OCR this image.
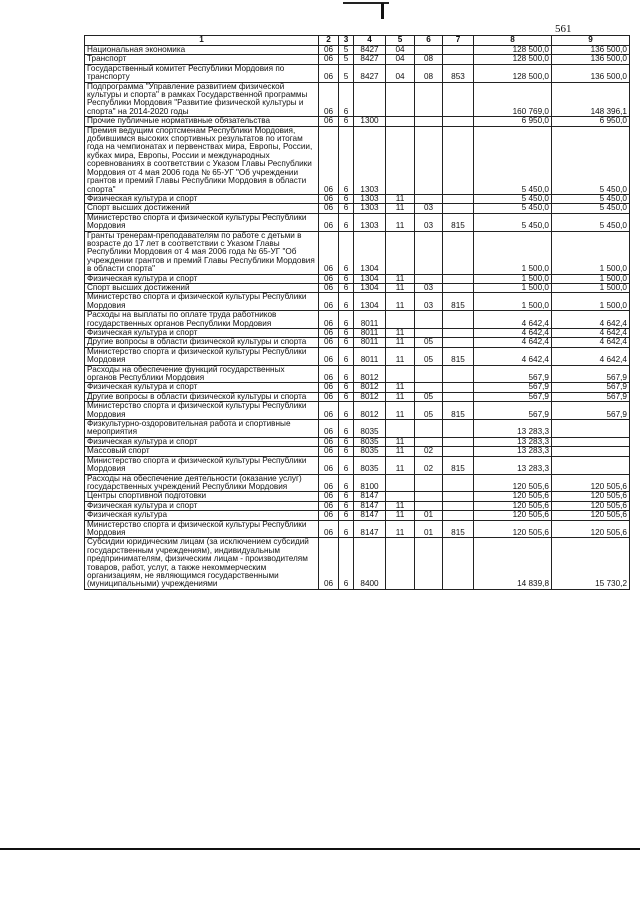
561
1	2	3	4	5	6	7	8	9
Национальная экономика	06	5	8427	04			128 500,0	136 500,0
Транспорт	06	5	8427	04	08		128 500,0	136 500,0
Государственный комитет Республики Мордовия по транспорту	06	5	8427	04	08	853	128 500,0	136 500,0
Подпрограмма "Управление развитием физической культуры и спорта" в рамках Государственной программы Республики Мордовия "Развитие физической культуры и спорта" на 2014-2020 годы	06	6					160 769,0	148 396,1
Прочие публичные нормативные обязательства	06	6	1300				6 950,0	6 950,0
Премия ведущим спортсменам Республики Мордовия, добившимся высоких спортивных результатов по итогам года на чемпионатах и первенствах мира, Европы, России, кубках мира, Европы, России и международных соревнованиях в соответствии с Указом Главы Республики Мордовия от 4 мая 2006 года № 65-УГ "Об учреждении грантов и премий Главы Республики Мордовия в области спорта"	06	6	1303				5 450,0	5 450,0
Физическая культура и спорт	06	6	1303	11			5 450,0	5 450,0
Спорт высших достижений	06	6	1303	11	03		5 450,0	5 450,0
Министерство спорта и физической культуры Республики Мордовия	06	6	1303	11	03	815	5 450,0	5 450,0
Гранты тренерам-преподавателям по работе с детьми в возрасте до 17 лет в соответствии с Указом Главы Республики Мордовия от 4 мая 2006 года № 65-УГ "Об учреждении грантов и премий Главы Республики Мордовия в области спорта"	06	6	1304				1 500,0	1 500,0
Физическая культура и спорт	06	6	1304	11			1 500,0	1 500,0
Спорт высших достижений	06	6	1304	11	03		1 500,0	1 500,0
Министерство спорта и физической культуры Республики Мордовия	06	6	1304	11	03	815	1 500,0	1 500,0
Расходы на выплаты по оплате труда работников государственных органов Республики Мордовия	06	6	8011				4 642,4	4 642,4
Физическая культура и спорт	06	6	8011	11			4 642,4	4 642,4
Другие вопросы в области физической культуры и спорта	06	6	8011	11	05		4 642,4	4 642,4
Министерство спорта и физической культуры Республики Мордовия	06	6	8011	11	05	815	4 642,4	4 642,4
Расходы на обеспечение функций государственных органов Республики Мордовия	06	6	8012				567,9	567,9
Физическая культура и спорт	06	6	8012	11			567,9	567,9
Другие вопросы в области физической культуры и спорта	06	6	8012	11	05		567,9	567,9
Министерство спорта и физической культуры Республики Мордовия	06	6	8012	11	05	815	567,9	567,9
Физкультурно-оздоровительная работа и спортивные мероприятия	06	6	8035				13 283,3	
Физическая культура и спорт	06	6	8035	11			13 283,3	
Массовый спорт	06	6	8035	11	02		13 283,3	
Министерство спорта и физической культуры Республики Мордовия	06	6	8035	11	02	815	13 283,3	
Расходы на обеспечение деятельности (оказание услуг) государственных учреждений Республики Мордовия	06	6	8100				120 505,6	120 505,6
Центры спортивной подготовки	06	6	8147				120 505,6	120 505,6
Физическая культура и спорт	06	6	8147	11			120 505,6	120 505,6
Физическая культура	06	6	8147	11	01		120 505,6	120 505,6
Министерство спорта и физической культуры Республики Мордовия	06	6	8147	11	01	815	120 505,6	120 505,6
Субсидии юридическим лицам (за исключением субсидий государственным учреждениям), индивидуальным предпринимателям, физическим лицам - производителям товаров, работ, услуг, а также некоммерческим организациям, не являющимся государственными (муниципальными) учреждениями	06	6	8400				14 839,8	15 730,2
